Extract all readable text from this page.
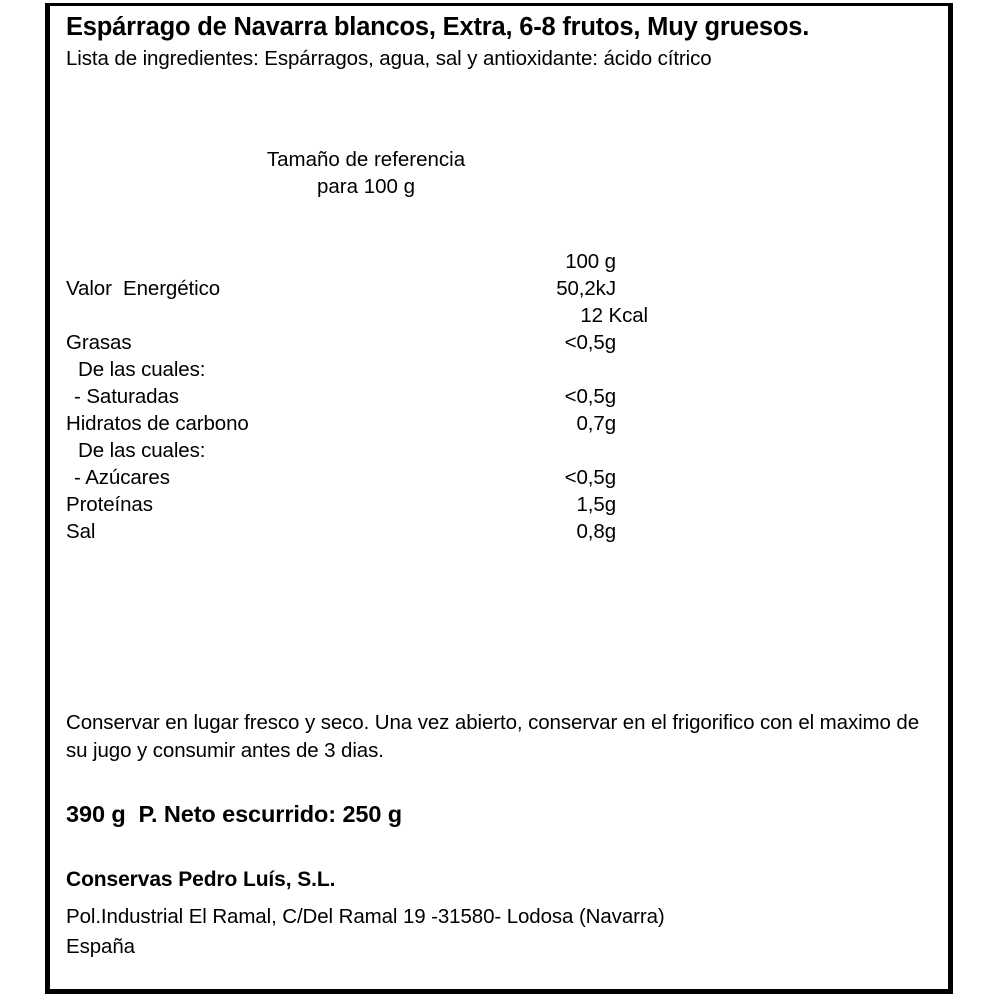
Espárrago de Navarra blancos, Extra, 6-8 frutos, Muy gruesos.
Lista de ingredientes: Espárragos, agua, sal y antioxidante: ácido cítrico
Tamaño de referencia
para 100 g
100 g
Valor  Energético	50,2kJ
12 Kcal
Grasas	<0,5g
De las cuales:
- Saturadas	<0,5g
Hidratos de carbono	0,7g
De las cuales:
- Azúcares	<0,5g
Proteínas	1,5g
Sal	0,8g
Conservar en lugar fresco y seco. Una vez abierto, conservar en el frigorifico con el maximo de su jugo y consumir antes de 3 dias.
390 g  P. Neto escurrido: 250 g
Conservas Pedro Luís, S.L.
Pol.Industrial El Ramal, C/Del Ramal 19 -31580- Lodosa (Navarra)
España
